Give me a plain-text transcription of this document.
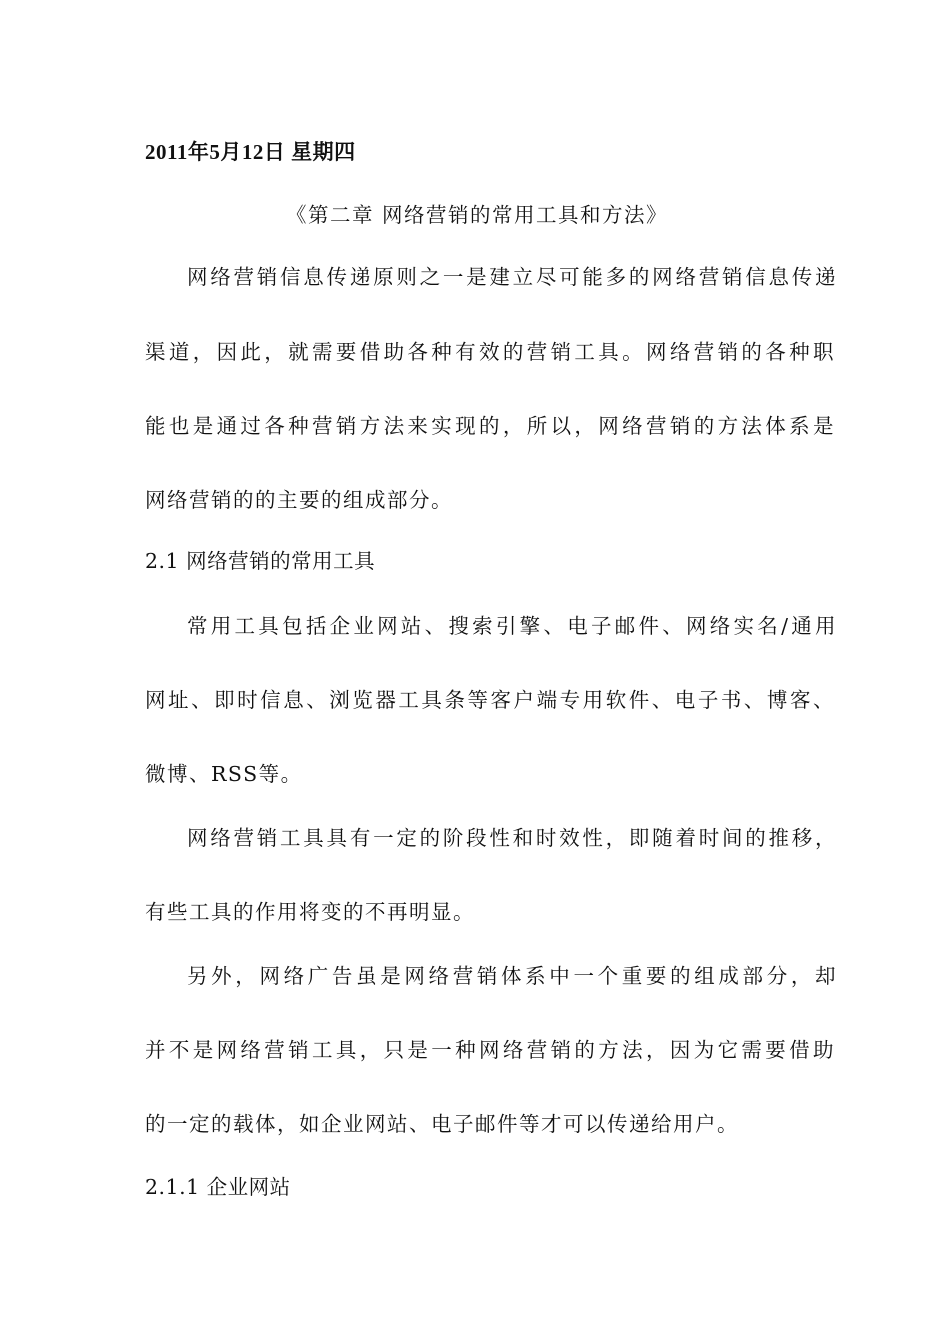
2011年5月12日 星期四
《第二章 网络营销的常用工具和方法》
网络营销信息传递原则之一是建立尽可能多的网络营销信息传递
渠道，因此，就需要借助各种有效的营销工具。网络营销的各种职
能也是通过各种营销方法来实现的，所以，网络营销的方法体系是
网络营销的的主要的组成部分。
2.1 网络营销的常用工具
常用工具包括企业网站、搜索引擎、电子邮件、网络实名/通用
网址、即时信息、浏览器工具条等客户端专用软件、电子书、博客、
微博、RSS等。
网络营销工具具有一定的阶段性和时效性，即随着时间的推移，
有些工具的作用将变的不再明显。
另外，网络广告虽是网络营销体系中一个重要的组成部分，却
并不是网络营销工具，只是一种网络营销的方法，因为它需要借助
的一定的载体，如企业网站、电子邮件等才可以传递给用户。
2.1.1 企业网站
